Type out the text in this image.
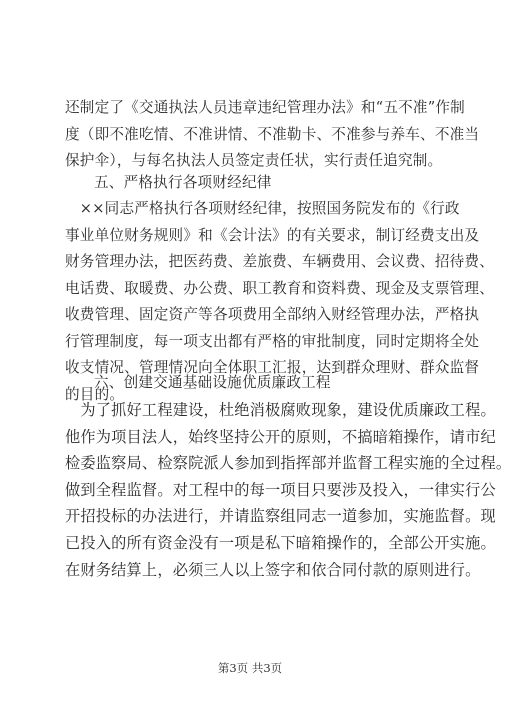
还制定了《交通执法人员违章违纪管理办法》和“五不准”作制
度（即不准吃情、不准讲情、不准勒卡、不准参与养车、不准当
保护伞），与每名执法人员签定责任状，实行责任追究制。
五、严格执行各项财经纪律
　××同志严格执行各项财经纪律，按照国务院发布的《行政
事业单位财务规则》和《会计法》的有关要求，制订经费支出及
财务管理办法，把医药费、差旅费、车辆费用、会议费、招待费、
电话费、取暖费、办公费、职工教育和资料费、现金及支票管理、
收费管理、固定资产等各项费用全部纳入财经管理办法，严格执
行管理制度，每一项支出都有严格的审批制度，同时定期将全处
收支情况、管理情况向全体职工汇报，达到群众理财、群众监督
的目的。
六、创建交通基础设施优质廉政工程
　为了抓好工程建设，杜绝消极腐败现象，建设优质廉政工程。
他作为项目法人，始终坚持公开的原则，不搞暗箱操作，请市纪
检委监察局、检察院派人参加到指挥部并监督工程实施的全过程。
做到全程监督。对工程中的每一项目只要涉及投入，一律实行公
开招投标的办法进行，并请监察组同志一道参加，实施监督。现
已投入的所有资金没有一项是私下暗箱操作的，全部公开实施。
在财务结算上，必须三人以上签字和依合同付款的原则进行。
第3页 共3页
